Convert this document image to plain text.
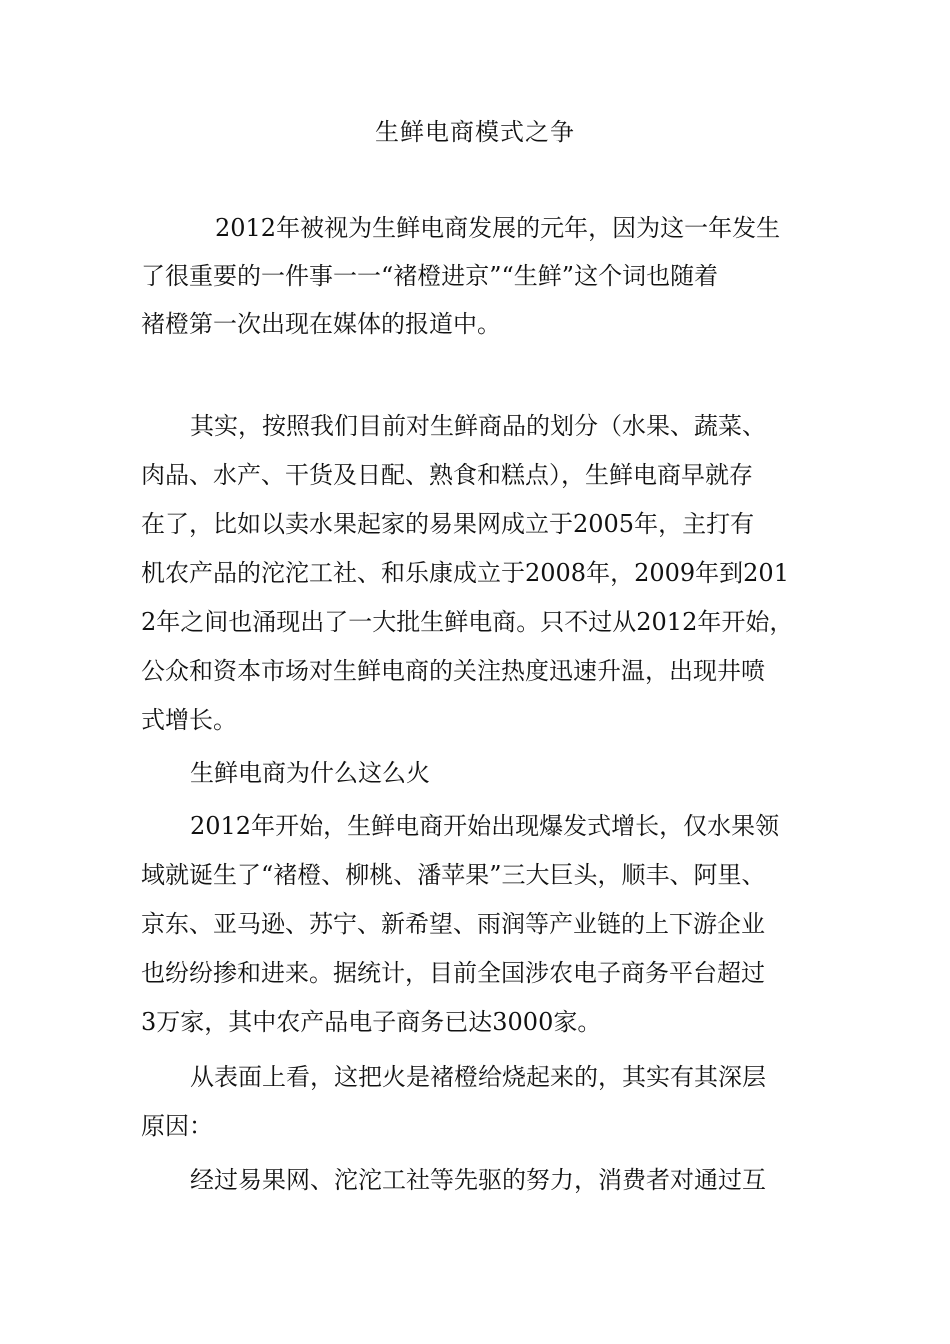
生鲜电商模式之争
2012年被视为生鲜电商发展的元年，因为这一年发生
了很重要的一件事一一“褚橙进京”“生鲜”这个词也随着
褚橙第一次出现在媒体的报道中。
其实，按照我们目前对生鲜商品的划分（水果、蔬菜、
肉品、水产、干货及日配、熟食和糕点），生鲜电商早就存
在了，比如以卖水果起家的易果网成立于2005年，主打有
机农产品的沱沱工社、和乐康成立于2008年，2009年到201
2年之间也涌现出了一大批生鲜电商。只不过从2012年开始，
公众和资本市场对生鲜电商的关注热度迅速升温，出现井喷
式增长。
生鲜电商为什么这么火
2012年开始，生鲜电商开始出现爆发式增长，仅水果领
域就诞生了“褚橙、柳桃、潘苹果”三大巨头，顺丰、阿里、
京东、亚马逊、苏宁、新希望、雨润等产业链的上下游企业
也纷纷掺和进来。据统计，目前全国涉农电子商务平台超过
3万家，其中农产品电子商务已达3000家。
从表面上看，这把火是褚橙给烧起来的，其实有其深层
原因：
经过易果网、沱沱工社等先驱的努力，消费者对通过互
